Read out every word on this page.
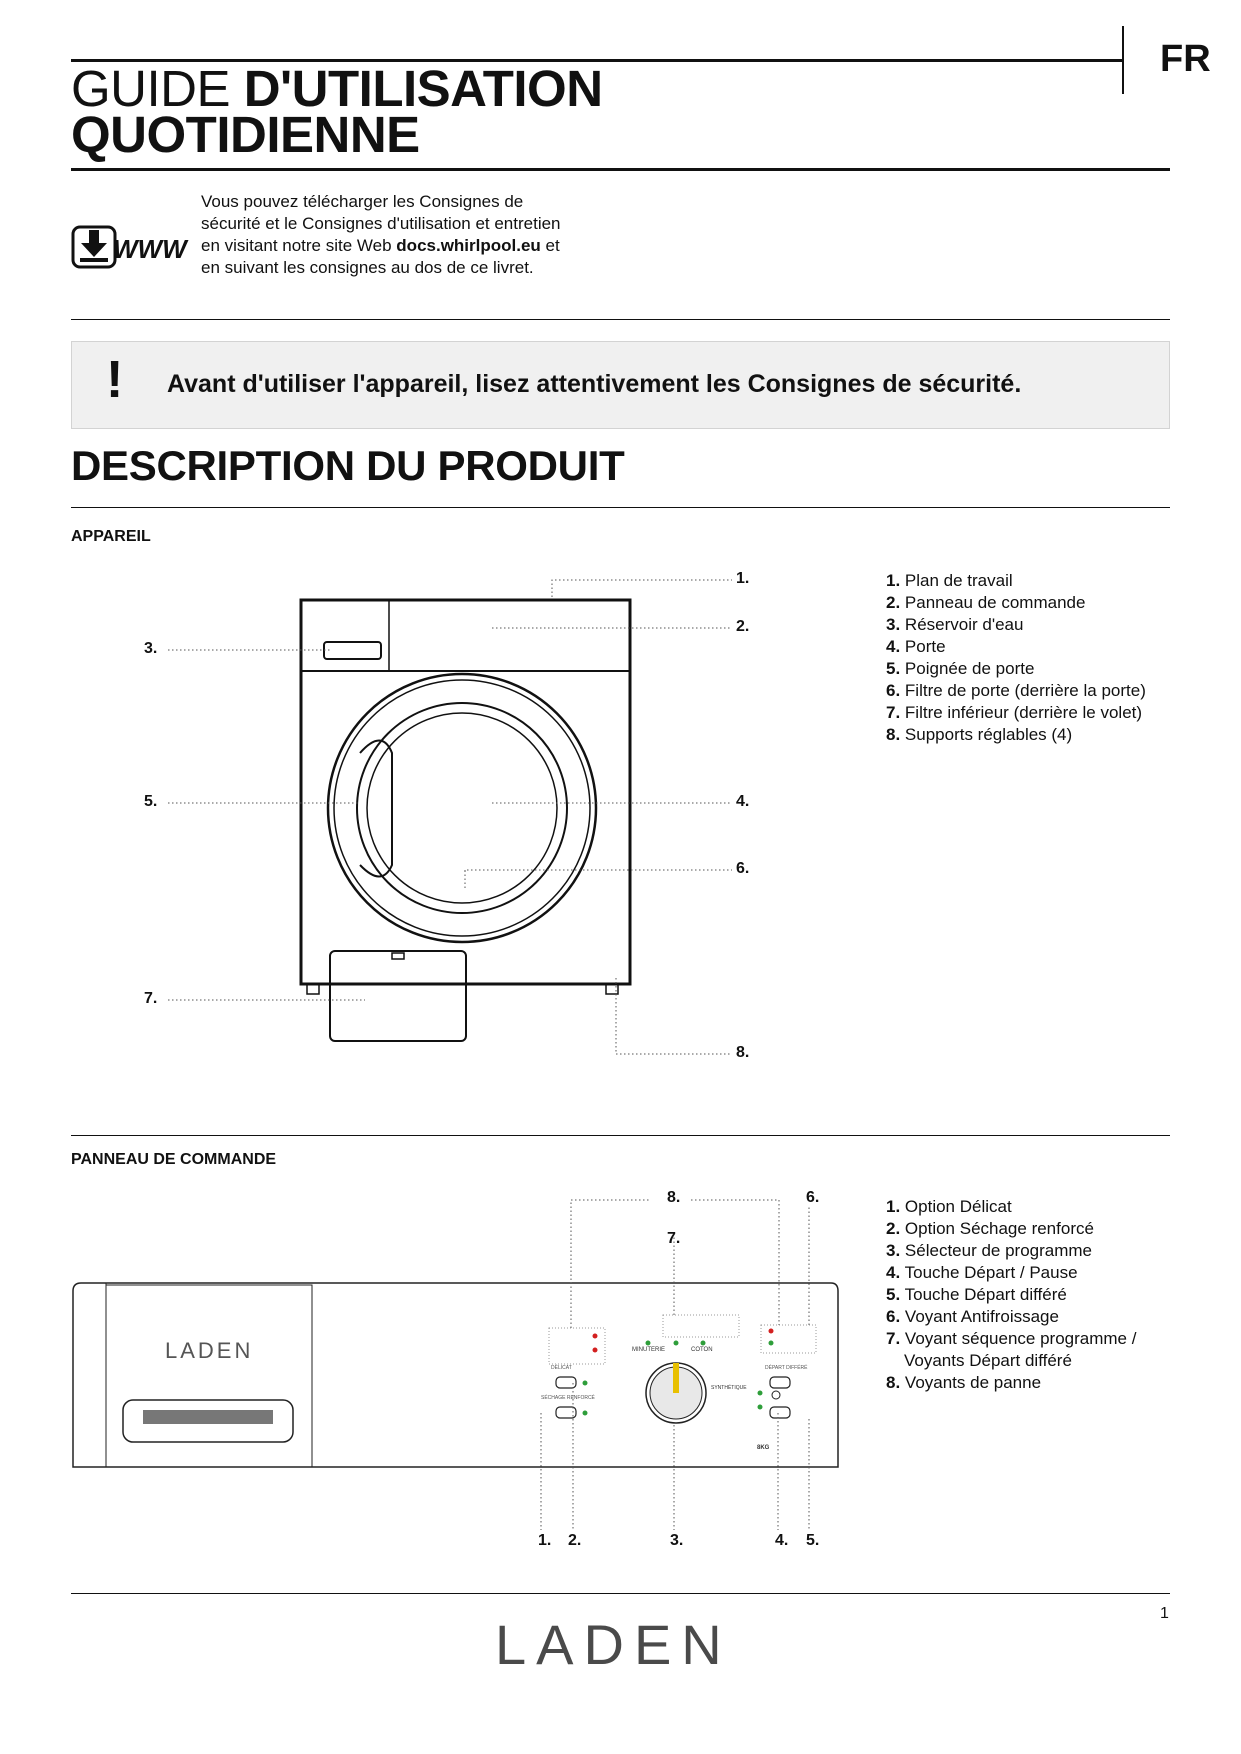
FR
GUIDE D'UTILISATION
QUOTIDIENNE
WWW
Vous pouvez télécharger les Consignes de
sécurité et le Consignes d'utilisation et entretien
en visitant notre site Web docs.whirlpool.eu et
en suivant les consignes au dos de ce livret.
! Avant d'utiliser l'appareil, lisez attentivement les Consignes de sécurité.
DESCRIPTION DU PRODUIT
APPAREIL
1.
2.
3.
4.
5.
6.
7.
8.
1. Plan de travail
2. Panneau de commande
3. Réservoir d'eau
4. Porte
5. Poignée de porte
6. Filtre de porte (derrière la porte)
7. Filtre inférieur (derrière le volet)
8. Supports réglables (4)
PANNEAU DE COMMANDE
LADEN
DÉLICAT
SÉCHAGE RENFORCÉ
MINUTERIE	COTON
SYNTHÉTIQUE
DÉPART DIFFÉRÉ
8KG
8.	6.
7.
1. 2.	3.	4. 5.
1. Option Délicat
2. Option Séchage renforcé
3. Sélecteur de programme
4. Touche Départ / Pause
5. Touche Départ différé
6. Voyant Antifroissage
7. Voyant séquence programme /
Voyants Départ différé
8. Voyants de panne
1
LADEN
